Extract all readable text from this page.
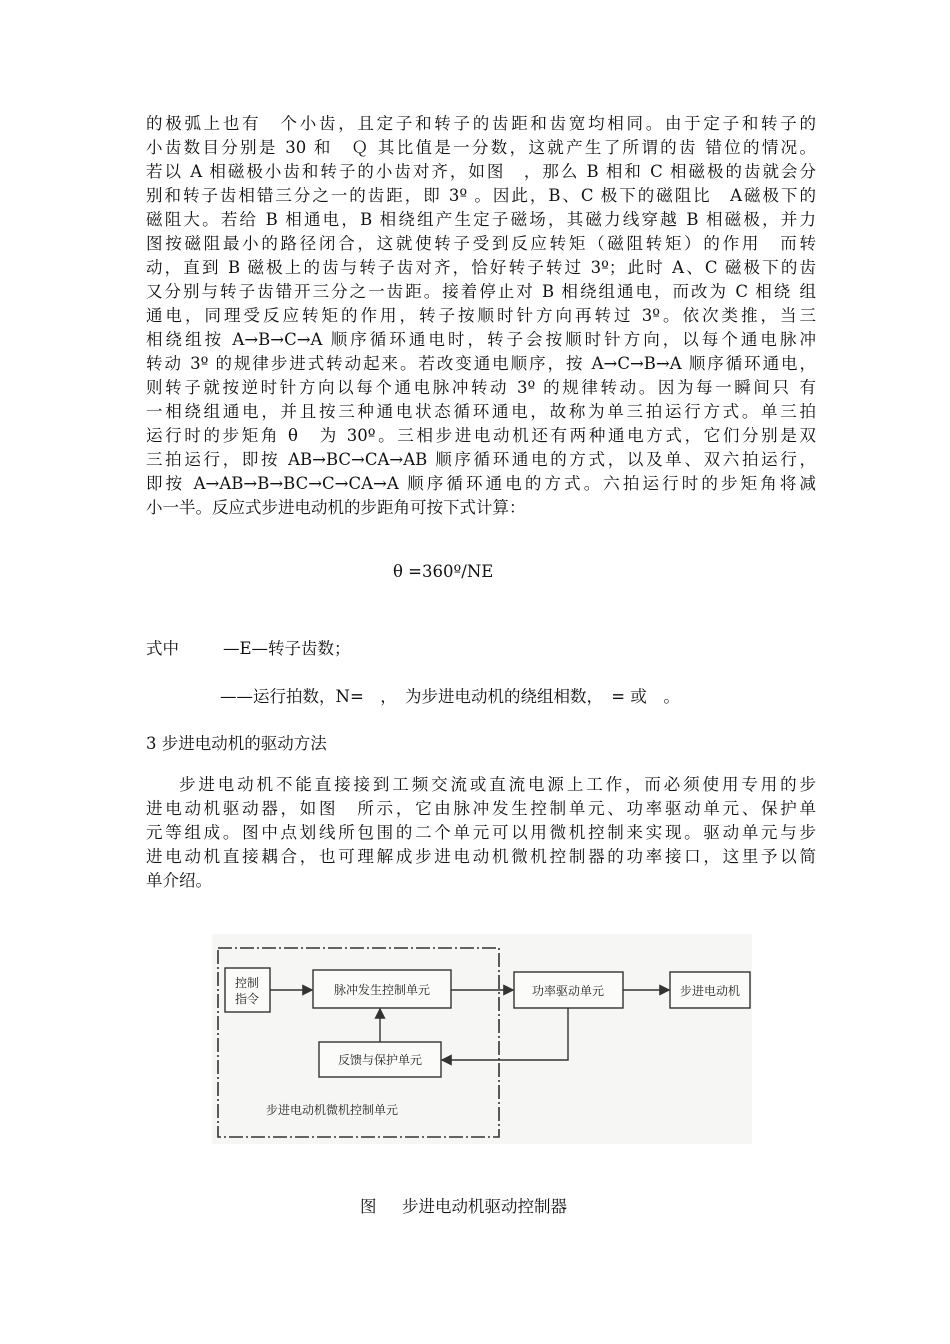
的极弧上也有　个小齿，且定子和转子的齿距和齿宽均相同。由于定子和转子的
小齿数目分别是 30 和　Ｑ 其比值是一分数，这就产生了所谓的齿 错位的情况。
若以 A 相磁极小齿和转子的小齿对齐，如图　，那么 B 相和 C 相磁极的齿就会分
别和转子齿相错三分之一的齿距，即 3º 。因此，B、C 极下的磁阻比　A磁极下的
磁阻大。若给 B 相通电，B 相绕组产生定子磁场，其磁力线穿越 B 相磁极，并力
图按磁阻最小的路径闭合，这就使转子受到反应转矩（磁阻转矩）的作用　而转
动，直到 B 磁极上的齿与转子齿对齐，恰好转子转过 3º；此时 A、C 磁极下的齿
又分别与转子齿错开三分之一齿距。接着停止对 B 相绕组通电，而改为 C 相绕 组
通电，同理受反应转矩的作用，转子按顺时针方向再转过 3º。依次类推，当三
相绕组按 A→B→C→A 顺序循环通电时，转子会按顺时针方向，以每个通电脉冲
转动 3º 的规律步进式转动起来。若改变通电顺序，按 A→C→B→A 顺序循环通电，
则转子就按逆时针方向以每个通电脉冲转动 3º 的规律转动。因为每一瞬间只 有
一相绕组通电，并且按三种通电状态循环通电，故称为单三拍运行方式。单三拍
运行时的步矩角 θ　为 30º。三相步进电动机还有两种通电方式，它们分别是双
三拍运行，即按 AB→BC→CA→AB 顺序循环通电的方式，以及单、双六拍运行，
即按 A→AB→B→BC→C→CA→A 顺序循环通电的方式。六拍运行时的步矩角将减
小一半。反应式步进电动机的步距角可按下式计算：

θ =360º/NE
式中	—E—转子齿数；
——运行拍数，N=　，　为步进电动机的绕组相数，　= 或　。
3 步进电动机的驱动方法

步进电动机不能直接接到工频交流或直流电源上工作，而必须使用专用的步
进电动机驱动器，如图　所示，它由脉冲发生控制单元、功率驱动单元、保护单
元等组成。图中点划线所包围的二个单元可以用微机控制来实现。驱动单元与步
进电动机直接耦合，也可理解成步进电动机微机控制器的功率接口，这里予以简
单介绍。

控制
指令
脉冲发生控制单元	功率驱动单元	步进电动机
反馈与保护单元
步进电动机微机控制单元
图 步进电动机驱动控制器
